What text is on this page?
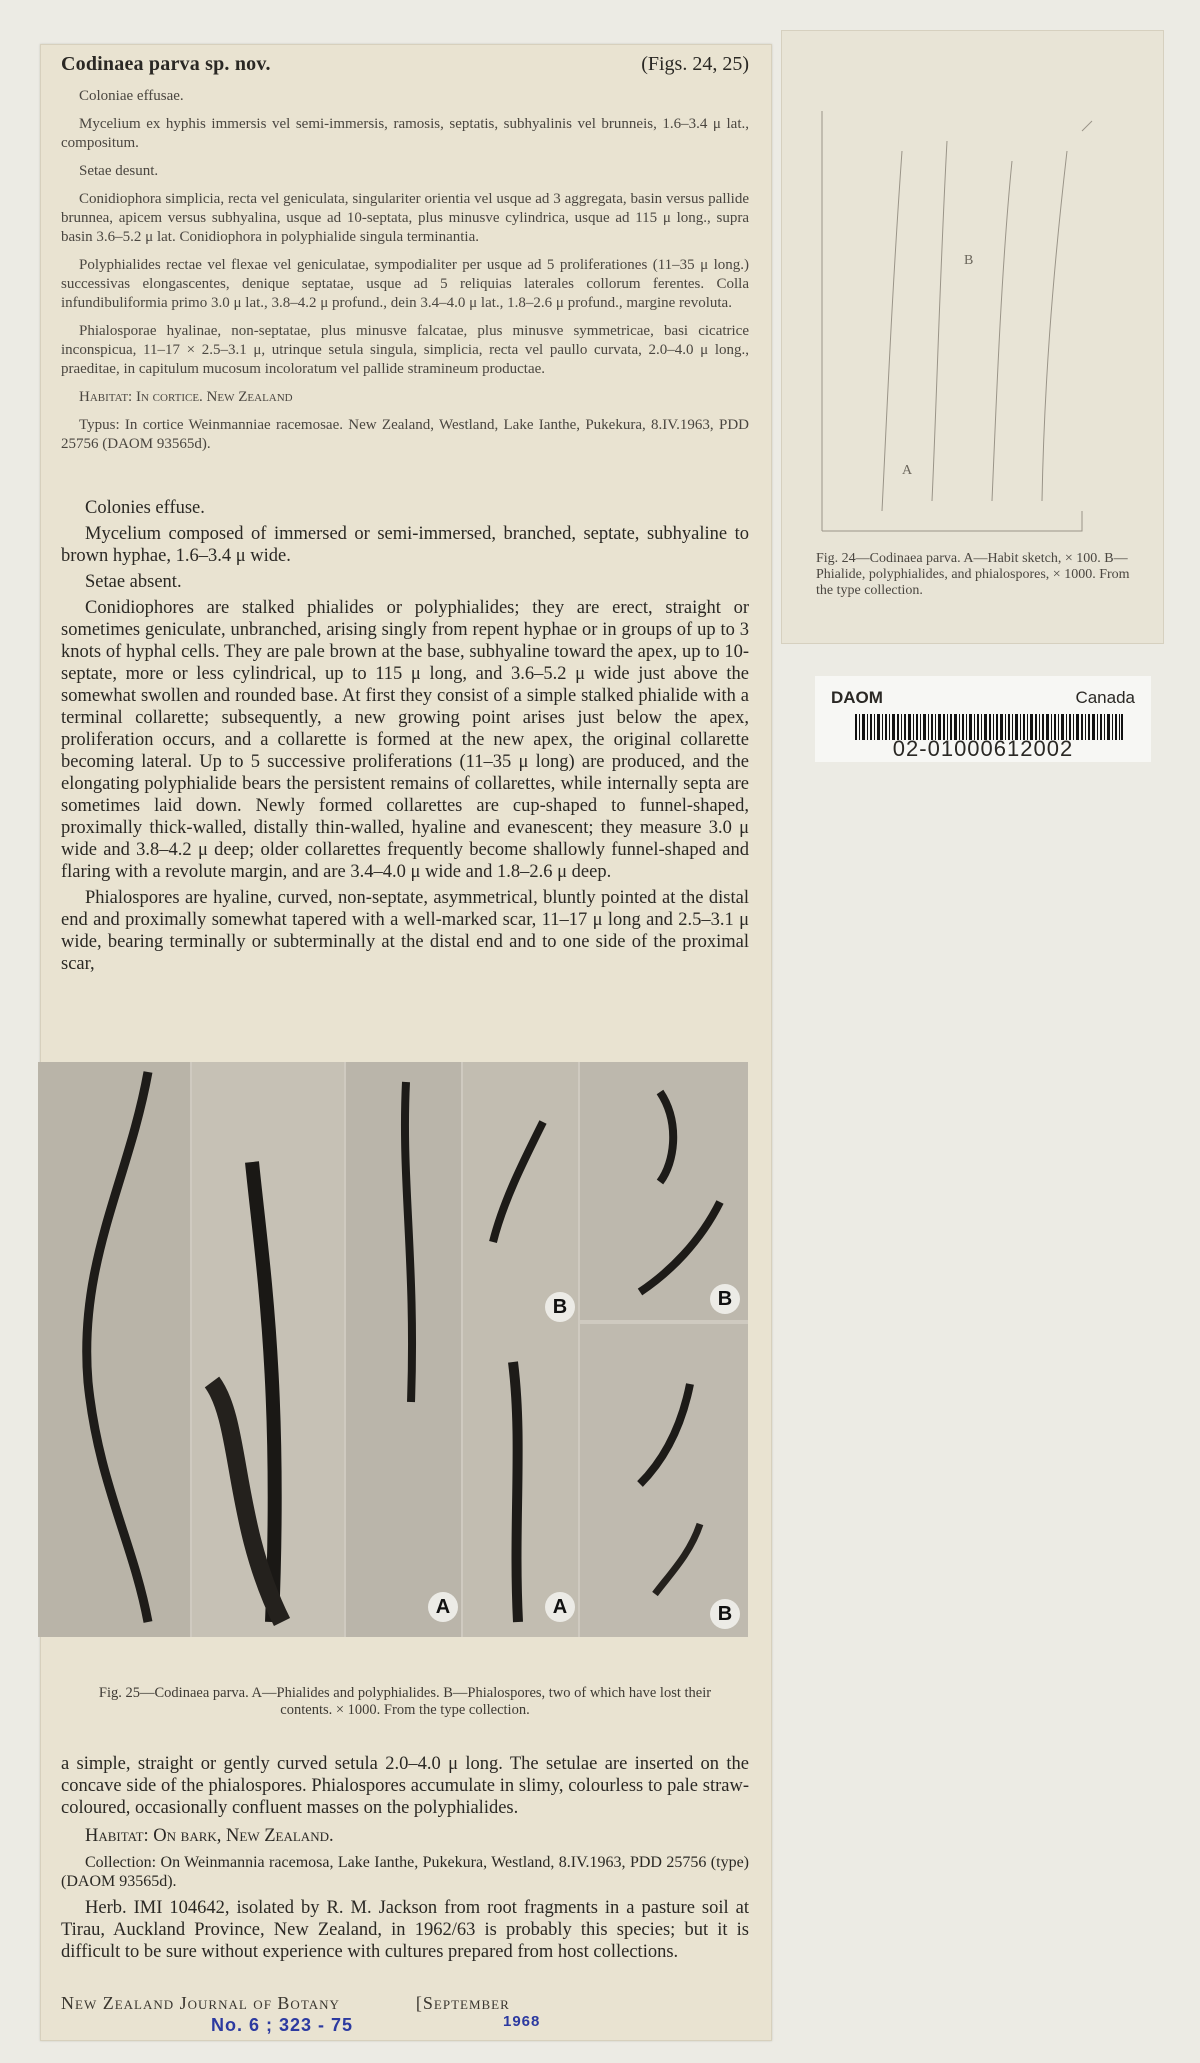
Codinaea parva sp. nov.	(Figs. 24, 25)

Coloniae effusae.

Mycelium ex hyphis immersis vel semi-immersis, ramosis, septatis, subhyalinis vel brunneis, 1.6–3.4 μ lat., compositum.

Setae desunt.

Conidiophora simplicia, recta vel geniculata, singulariter orientia vel usque ad 3 aggregata, basin versus pallide brunnea, apicem versus subhyalina, usque ad 10-septata, plus minusve cylindrica, usque ad 115 μ long., supra basin 3.6–5.2 μ lat. Conidiophora in polyphialide singula terminantia.

Polyphialides rectae vel flexae vel geniculatae, sympodialiter per usque ad 5 proliferationes (11–35 μ long.) successivas elongascentes, denique septatae, usque ad 5 reliquias laterales collorum ferentes. Colla infundibuliformia primo 3.0 μ lat., 3.8–4.2 μ profund., dein 3.4–4.0 μ lat., 1.8–2.6 μ profund., margine revoluta.

Phialosporae hyalinae, non-septatae, plus minusve falcatae, plus minusve symmetricae, basi cicatrice inconspicua, 11–17 × 2.5–3.1 μ, utrinque setula singula, simplicia, recta vel paullo curvata, 2.0–4.0 μ long., praeditae, in capitulum mucosum incoloratum vel pallide stramineum productae.

Habitat: In cortice. New Zealand

Typus: In cortice Weinmanniae racemosae. New Zealand, Westland, Lake Ianthe, Pukekura, 8.IV.1963, PDD 25756 (DAOM 93565d).

Colonies effuse.

Mycelium composed of immersed or semi-immersed, branched, septate, subhyaline to brown hyphae, 1.6–3.4 μ wide.

Setae absent.

Conidiophores are stalked phialides or polyphialides; they are erect, straight or sometimes geniculate, unbranched, arising singly from repent hyphae or in groups of up to 3 knots of hyphal cells. They are pale brown at the base, subhyaline toward the apex, up to 10-septate, more or less cylindrical, up to 115 μ long, and 3.6–5.2 μ wide just above the somewhat swollen and rounded base. At first they consist of a simple stalked phialide with a terminal collarette; subsequently, a new growing point arises just below the apex, proliferation occurs, and a collarette is formed at the new apex, the original collarette becoming lateral. Up to 5 successive proliferations (11–35 μ long) are produced, and the elongating polyphialide bears the persistent remains of collarettes, while internally septa are sometimes laid down. Newly formed collarettes are cup-shaped to funnel-shaped, proximally thick-walled, distally thin-walled, hyaline and evanescent; they measure 3.0 μ wide and 3.8–4.2 μ deep; older collarettes frequently become shallowly funnel-shaped and flaring with a revolute margin, and are 3.4–4.0 μ wide and 1.8–2.6 μ deep.

Phialospores are hyaline, curved, non-septate, asymmetrical, bluntly pointed at the distal end and proximally somewhat tapered with a well-marked scar, 11–17 μ long and 2.5–3.1 μ wide, bearing terminally or subterminally at the distal end and to one side of the proximal scar,

Fig. 25—Codinaea parva. A—Phialides and polyphialides. B—Phialospores, two of which have lost their contents. × 1000. From the type collection.

a simple, straight or gently curved setula 2.0–4.0 μ long. The setulae are inserted on the concave side of the phialospores. Phialospores accumulate in slimy, colourless to pale straw-coloured, occasionally confluent masses on the polyphialides.

Habitat: On bark, New Zealand.

Collection: On Weinmannia racemosa, Lake Ianthe, Pukekura, Westland, 8.IV.1963, PDD 25756 (type) (DAOM 93565d).

Herb. IMI 104642, isolated by R. M. Jackson from root fragments in a pasture soil at Tirau, Auckland Province, New Zealand, in 1962/63 is probably this species; but it is difficult to be sure without experience with cultures prepared from host collections.

New Zealand Journal of Botany	[September
No. 6 ; 323 - 75	1968
A
B
A
B
B
B
A
Fig. 24—Codinaea parva. A—Habit sketch, × 100. B—Phialide, polyphialides, and phialospores, × 1000. From the type collection.
DAOM	Canada
02-01000612002
